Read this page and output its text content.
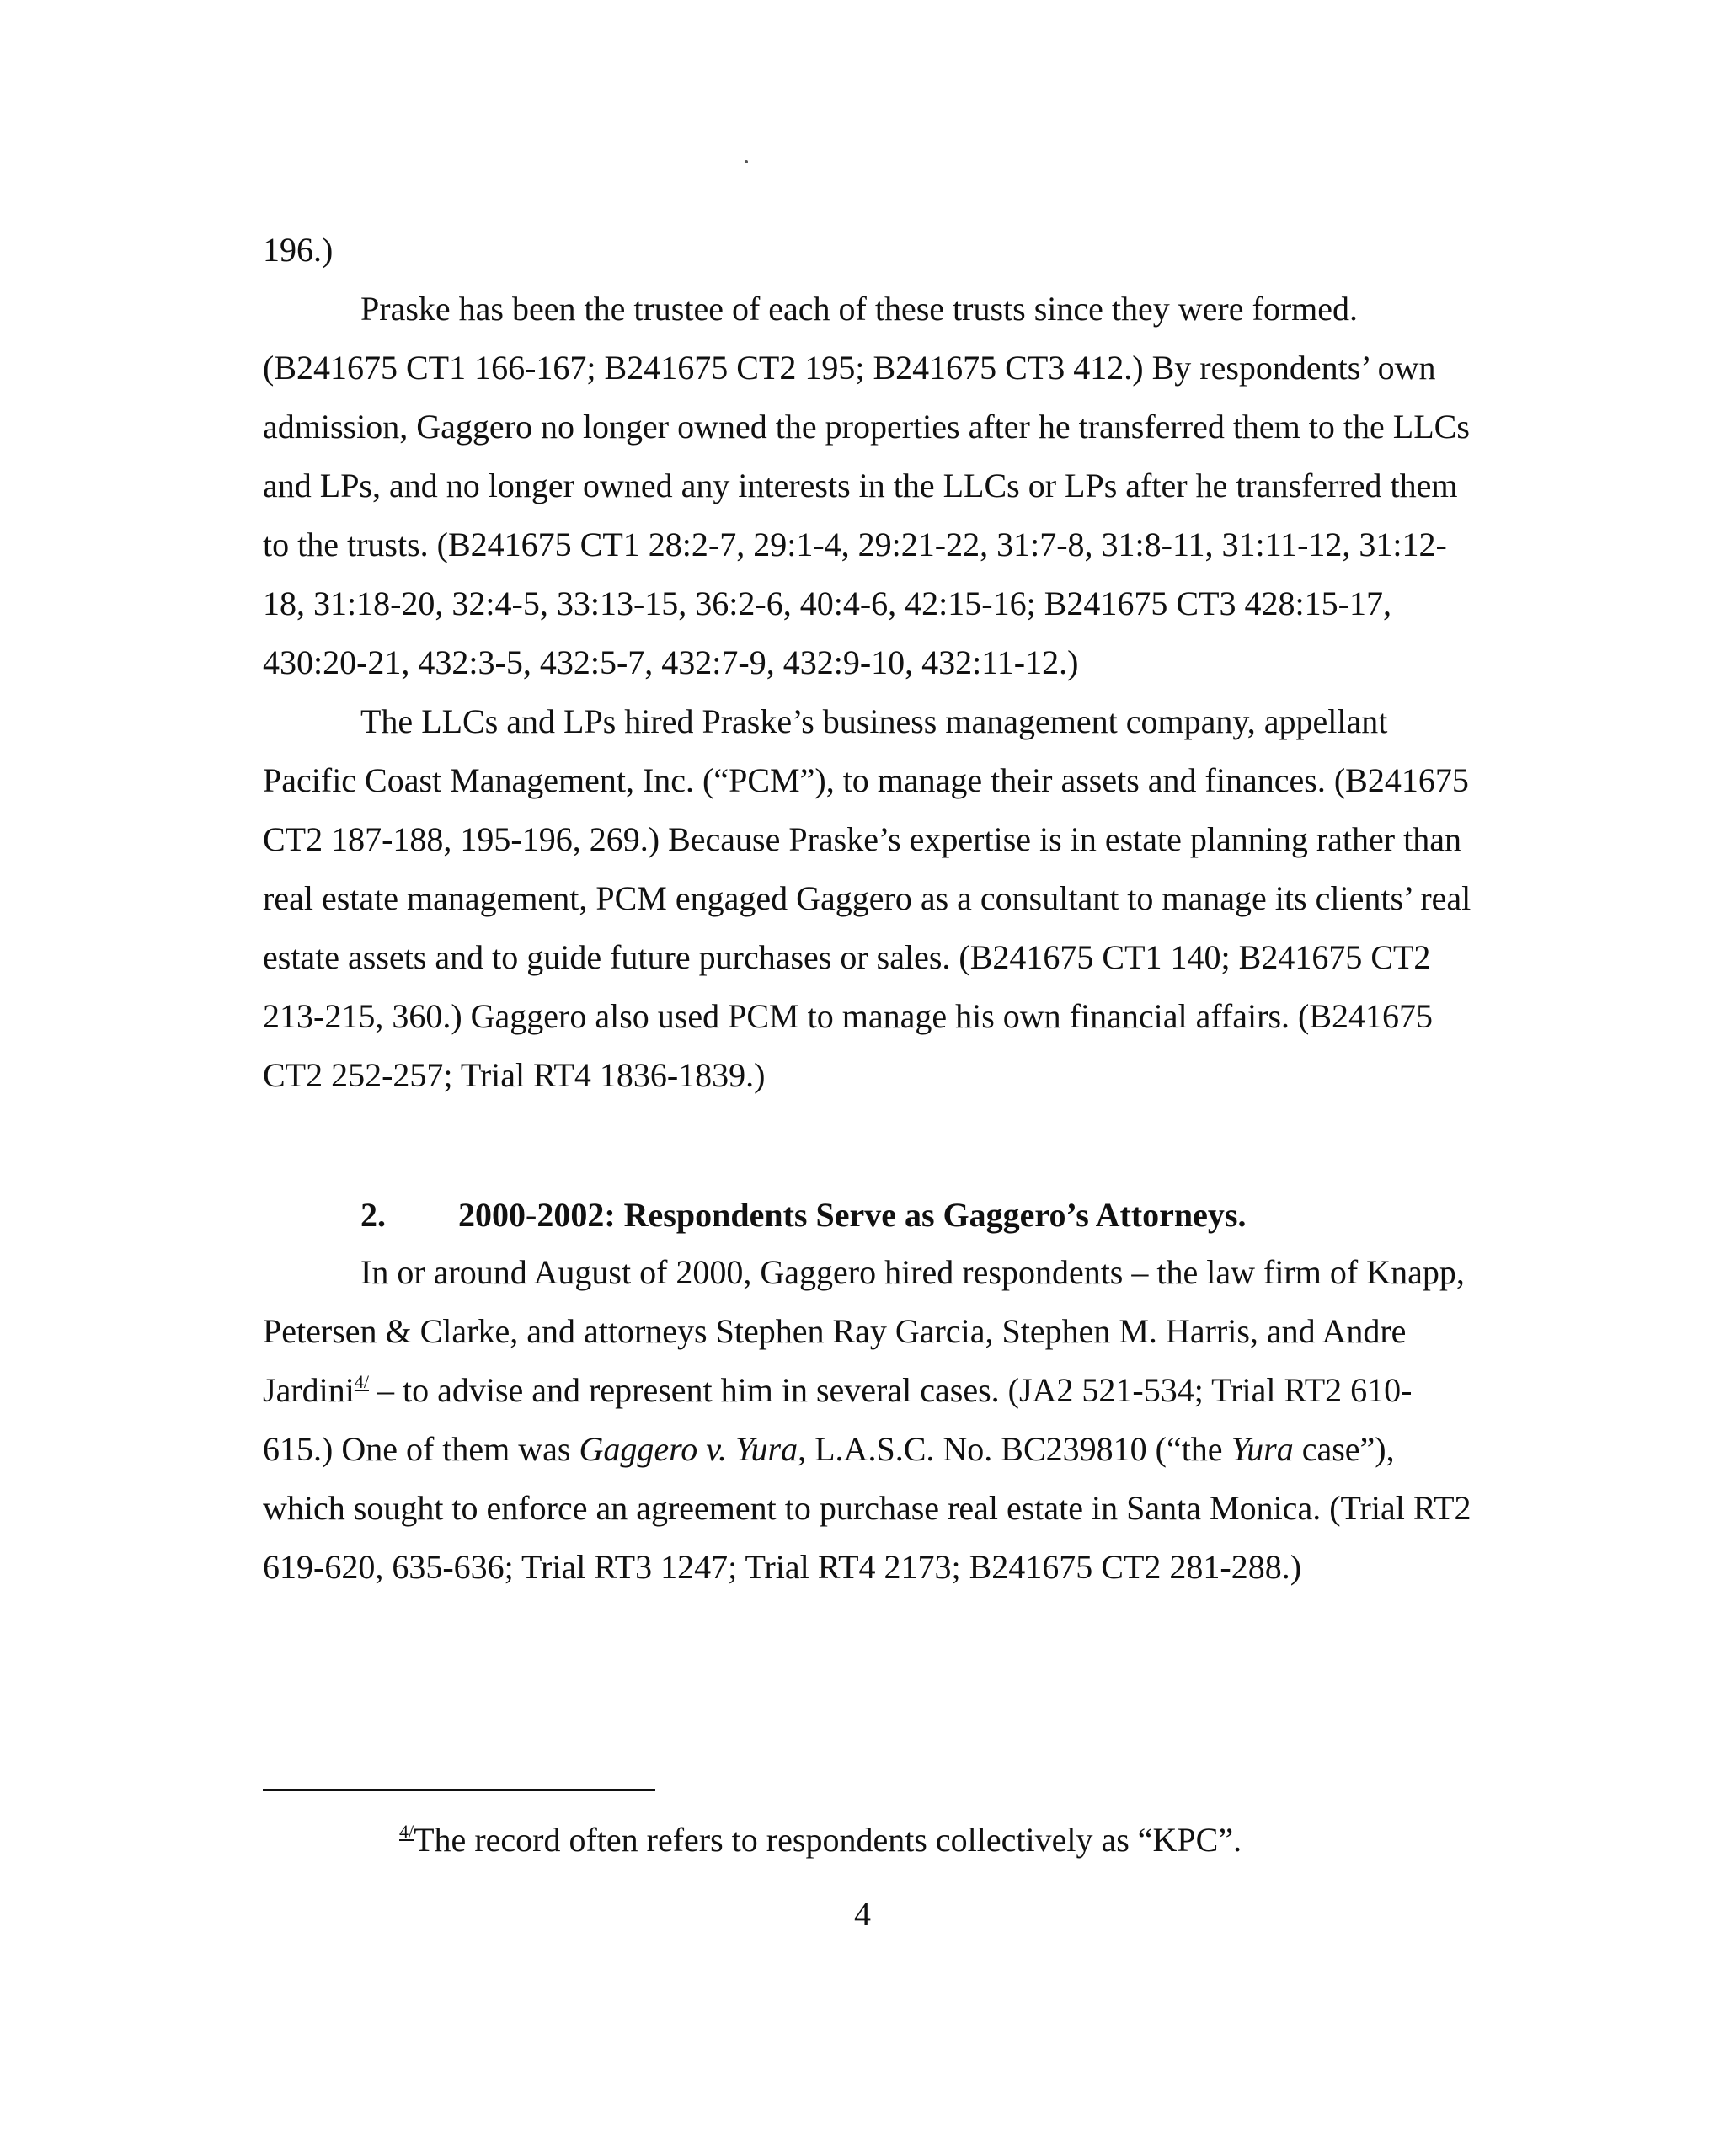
196.)

Praske has been the trustee of each of these trusts since they were formed. (B241675 CT1 166-167; B241675 CT2 195; B241675 CT3 412.) By respondents’ own admission, Gaggero no longer owned the properties after he transferred them to the LLCs and LPs, and no longer owned any interests in the LLCs or LPs after he transferred them to the trusts. (B241675 CT1 28:2-7, 29:1-4, 29:21-22, 31:7-8, 31:8-11, 31:11-12, 31:12-18, 31:18-20, 32:4-5, 33:13-15, 36:2-6, 40:4-6, 42:15-16; B241675 CT3 428:15-17, 430:20-21, 432:3-5, 432:5-7, 432:7-9, 432:9-10, 432:11-12.)

The LLCs and LPs hired Praske’s business management company, appellant Pacific Coast Management, Inc. (“PCM”), to manage their assets and finances. (B241675 CT2 187-188, 195-196, 269.) Because Praske’s expertise is in estate planning rather than real estate management, PCM engaged Gaggero as a consultant to manage its clients’ real estate assets and to guide future purchases or sales. (B241675 CT1 140; B241675 CT2 213-215, 360.) Gaggero also used PCM to manage his own financial affairs. (B241675 CT2 252-257; Trial RT4 1836-1839.)

2. 2000-2002: Respondents Serve as Gaggero’s Attorneys.

In or around August of 2000, Gaggero hired respondents – the law firm of Knapp, Petersen & Clarke, and attorneys Stephen Ray Garcia, Stephen M. Harris, and Andre Jardini$^{4/}$ – to advise and represent him in several cases. (JA2 521-534; Trial RT2 610-615.) One of them was Gaggero v. Yura, L.A.S.C. No. BC239810 (“the Yura case”), which sought to enforce an agreement to purchase real estate in Santa Monica. (Trial RT2 619-620, 635-636; Trial RT3 1247; Trial RT4 2173; B241675 CT2 281-288.)

$^{4/}$The record often refers to respondents collectively as “KPC”.
4
